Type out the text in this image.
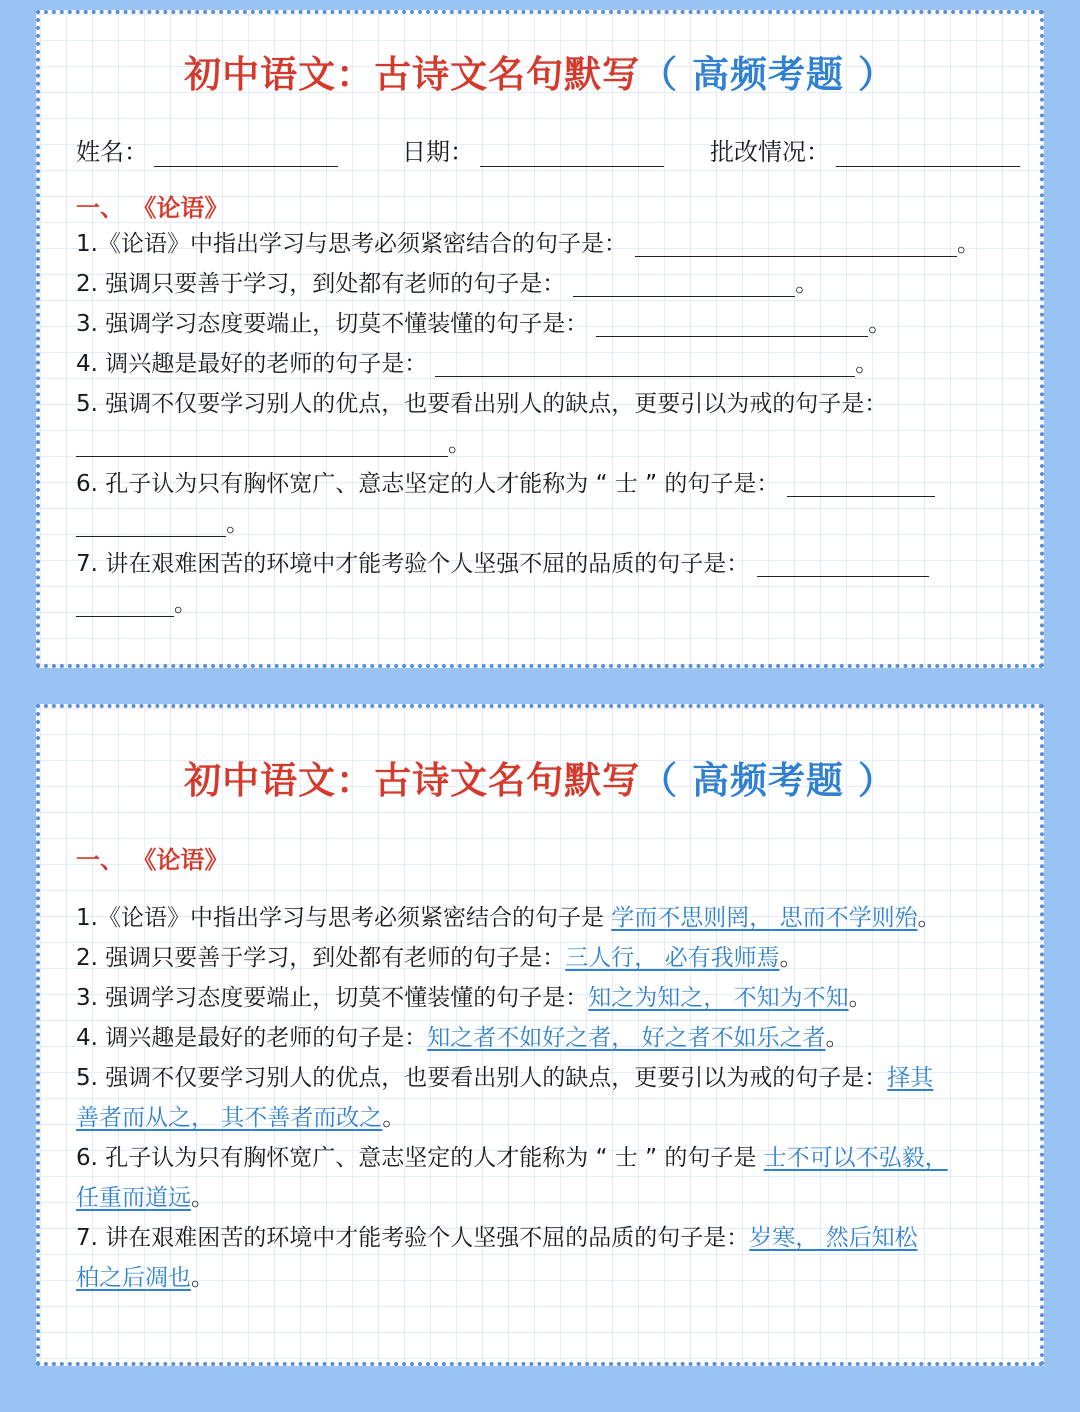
初中语文：古诗文名句默写（ 高频考题 ）
姓名：	日期：	批改情况：
一、 《论语》
1.《论语》中指出学习与思考必须紧密结合的句子是：	。
2. 强调只要善于学习，到处都有老师的句子是：	。
3. 强调学习态度要端止，切莫不懂装懂的句子是：	。
4. 调兴趣是最好的老师的句子是：	。
5. 强调不仅要学习别人的优点，也要看出别人的缺点，更要引以为戒的句子是：
。
6. 孔子认为只有胸怀宽广、意志坚定的人才能称为 “ 士 ” 的句子是：
。
7. 讲在艰难困苦的环境中才能考验个人坚强不屈的品质的句子是：
。
初中语文：古诗文名句默写（ 高频考题 ）
一、 《论语》
1.《论语》中指出学习与思考必须紧密结合的句子是 学而不思则罔， 思而不学则殆。
2. 强调只要善于学习，到处都有老师的句子是：三人行， 必有我师焉。
3. 强调学习态度要端止，切莫不懂装懂的句子是：知之为知之， 不知为不知。
4. 调兴趣是最好的老师的句子是：知之者不如好之者， 好之者不如乐之者。
5. 强调不仅要学习别人的优点，也要看出别人的缺点，更要引以为戒的句子是：择其
善者而从之， 其不善者而改之。
6. 孔子认为只有胸怀宽广、意志坚定的人才能称为 “ 士 ” 的句子是 士不可以不弘毅，
任重而道远。
7. 讲在艰难困苦的环境中才能考验个人坚强不屈的品质的句子是：岁寒， 然后知松
柏之后凋也。
